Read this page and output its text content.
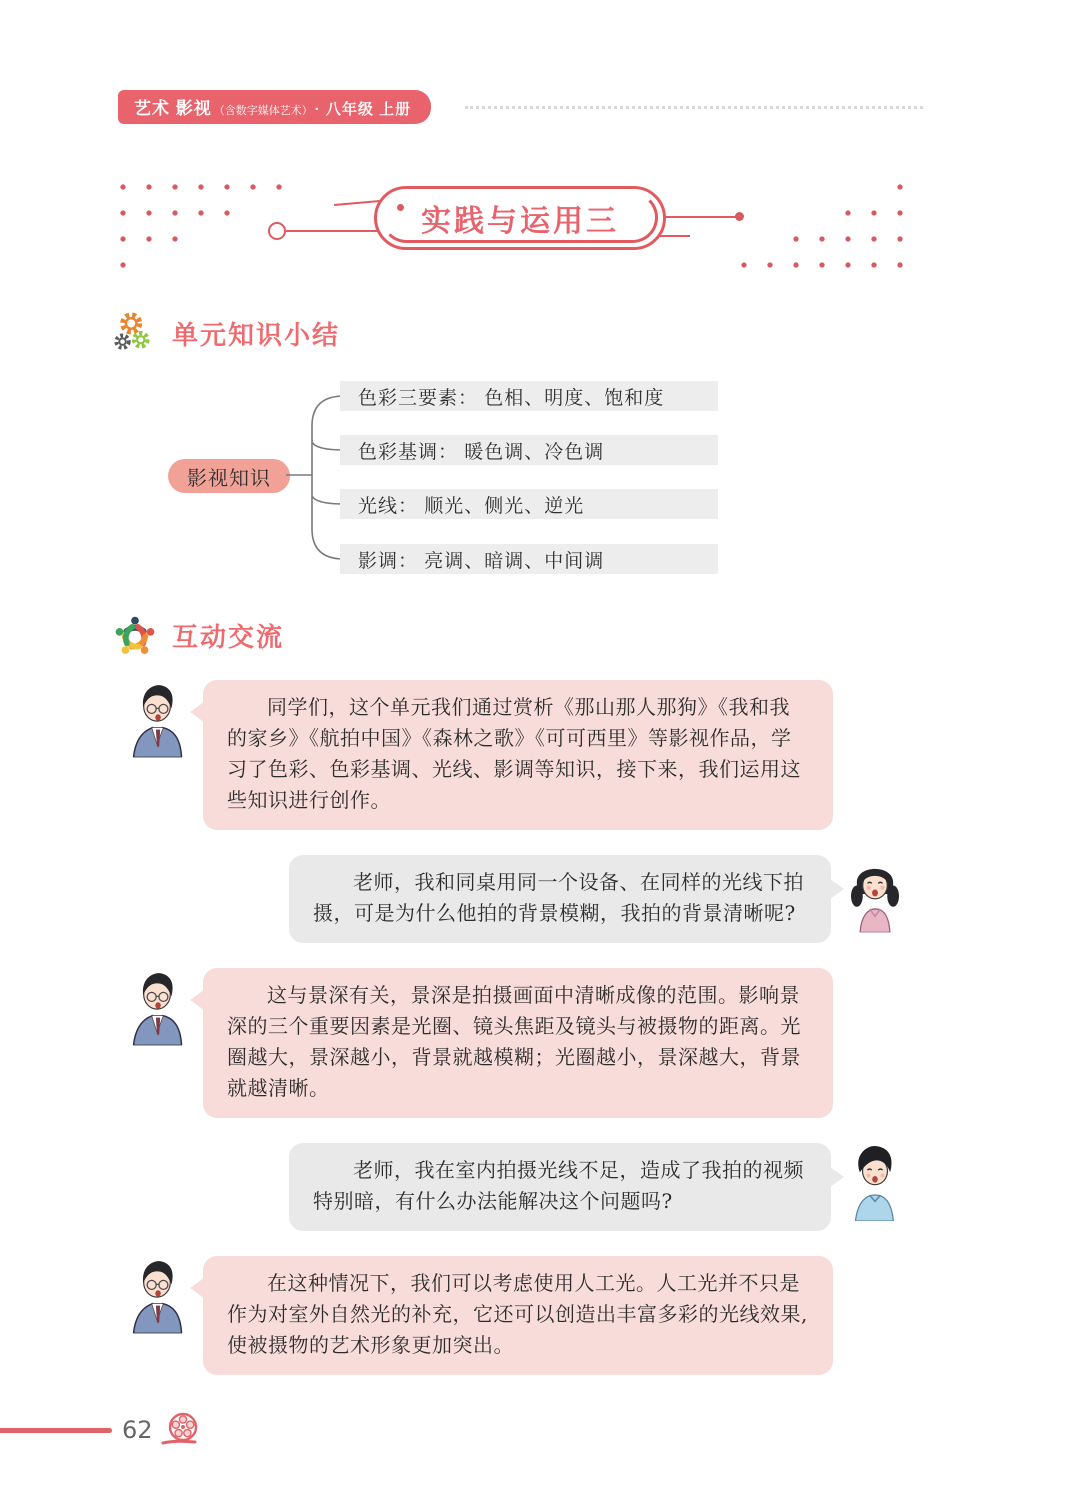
艺术 影视 （含数字媒体艺术） · 八年级 上册
实践与运用三
单元知识小结
影视知识
色彩三要素： 色相、明度、饱和度
色彩基调： 暖色调、冷色调
光线： 顺光、侧光、逆光
影调： 亮调、暗调、中间调
互动交流
同学们，这个单元我们通过赏析《那山那人那狗》《我和我的家乡》《航拍中国》《森林之歌》《可可西里》等影视作品，学习了色彩、色彩基调、光线、影调等知识，接下来，我们运用这些知识进行创作。
老师，我和同桌用同一个设备、在同样的光线下拍摄，可是为什么他拍的背景模糊，我拍的背景清晰呢?
这与景深有关，景深是拍摄画面中清晰成像的范围。影响景深的三个重要因素是光圈、镜头焦距及镜头与被摄物的距离。光圈越大，景深越小，背景就越模糊；光圈越小，景深越大，背景就越清晰。
老师，我在室内拍摄光线不足，造成了我拍的视频特别暗，有什么办法能解决这个问题吗?
在这种情况下，我们可以考虑使用人工光。人工光并不只是作为对室外自然光的补充，它还可以创造出丰富多彩的光线效果,使被摄物的艺术形象更加突出。
62
